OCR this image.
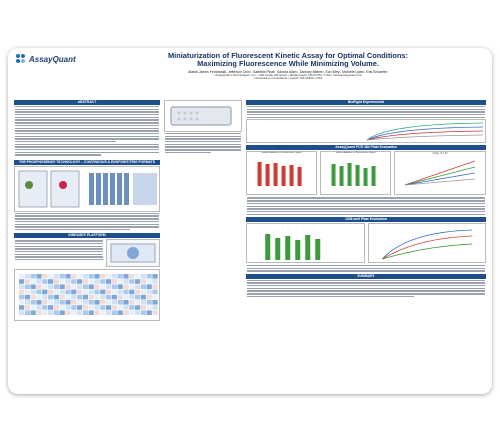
AssayQuant	Miniaturization of Fluorescent Kinetic Assay for Optimal Conditions:

Maximizing Fluorescence While Minimizing Volume.

Alafair-James Ferdowskil, Jefferson Chin¹, Gabriela Pinal¹, Sandra Alam¹, Zachary Bieber¹, Eun Wey¹, Michelle Lyles¹, Erik Schaefer¹
¹ AssayQuant Technologies, Inc. • 260 Cedar Hill Street • Marlborough, MA 01752 • USA • www.assayquant.com
² Automation Consultants • Lowell, MA 01853 • USA
ABSTRACT
THE PHOSPHOSENS® TECHNOLOGY – CONTINUOUS & ENDPOINT/TRIG FORMATS
KINEASE® PLATFORM
BioRight Experimental
AssayQuant PCR 384 Plate Evaluation
Solution Addition on Fluorescence Signal	Solution Addition on Fluorescence Signal	Vmax ~5 × 27
1536 well Plate Evaluation
SUMMARY
